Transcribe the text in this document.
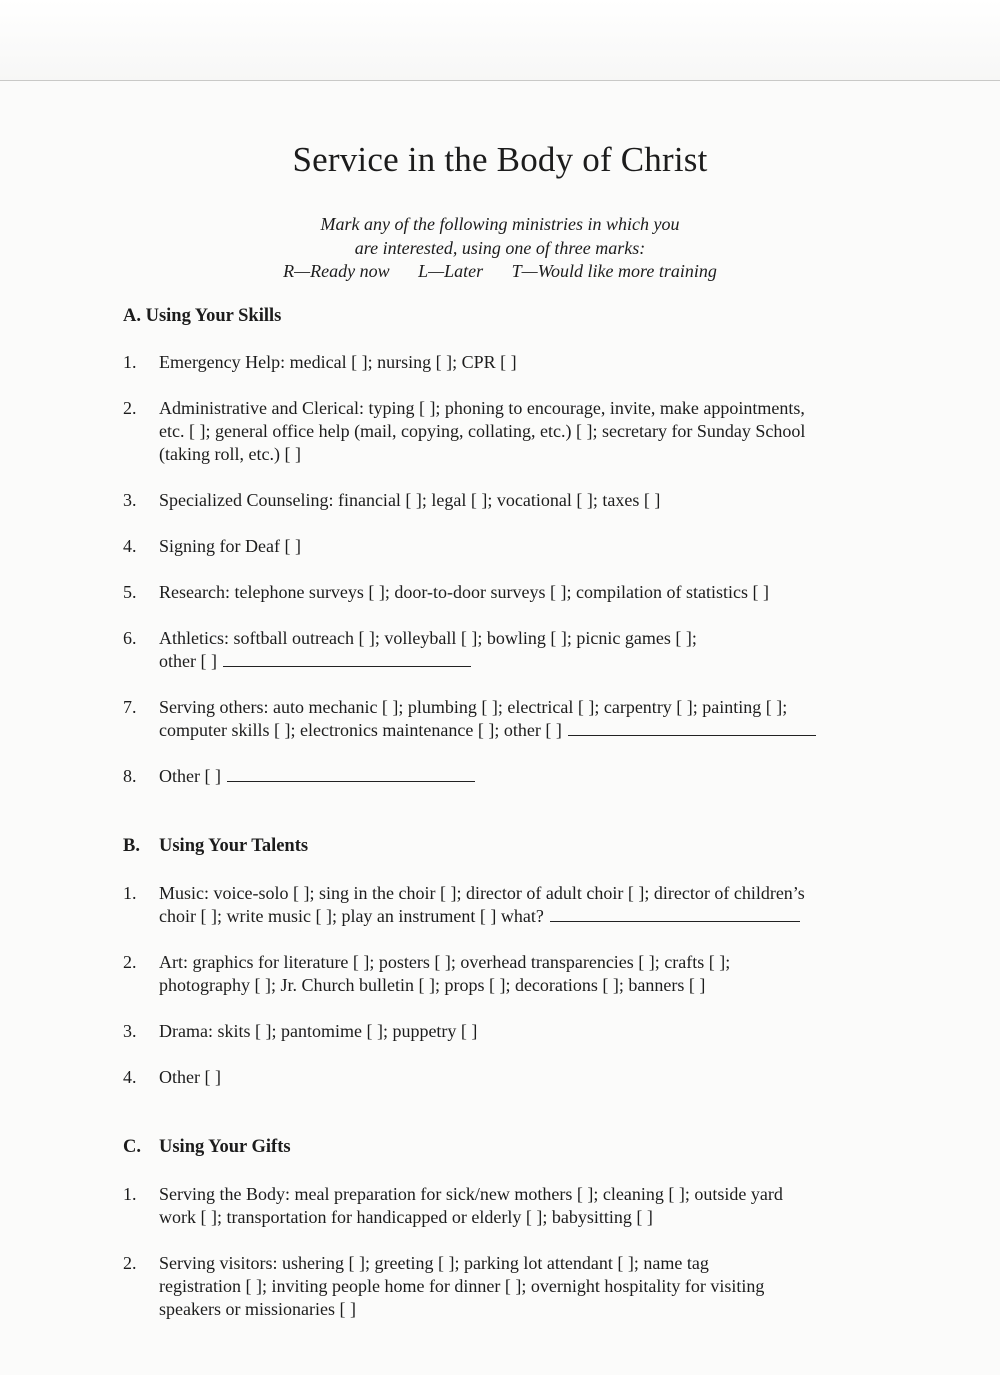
Service in the Body of Christ
Mark any of the following ministries in which you
are interested, using one of three marks:
R—Ready now L—Later T—Would like more training
A. Using Your Skills
1. Emergency Help: medical [ ]; nursing [ ]; CPR [ ]
2. Administrative and Clerical: typing [ ]; phoning to encourage, invite, make appointments,
etc. [ ]; general office help (mail, copying, collating, etc.) [ ]; secretary for Sunday School
(taking roll, etc.) [ ]
3. Specialized Counseling: financial [ ]; legal [ ]; vocational [ ]; taxes [ ]
4. Signing for Deaf [ ]
5. Research: telephone surveys [ ]; door-to-door surveys [ ]; compilation of statistics [ ]
6. Athletics: softball outreach [ ]; volleyball [ ]; bowling [ ]; picnic games [ ];
other [ ]
7. Serving others: auto mechanic [ ]; plumbing [ ]; electrical [ ]; carpentry [ ]; painting [ ];
computer skills [ ]; electronics maintenance [ ]; other [ ]
8. Other [ ]
B. Using Your Talents
1. Music: voice-solo [ ]; sing in the choir [ ]; director of adult choir [ ]; director of children’s
choir [ ]; write music [ ]; play an instrument [ ] what?
2. Art: graphics for literature [ ]; posters [ ]; overhead transparencies [ ]; crafts [ ];
photography [ ]; Jr. Church bulletin [ ]; props [ ]; decorations [ ]; banners [ ]
3. Drama: skits [ ]; pantomime [ ]; puppetry [ ]
4. Other [ ]
C. Using Your Gifts
1. Serving the Body: meal preparation for sick/new mothers [ ]; cleaning [ ]; outside yard
work [ ]; transportation for handicapped or elderly [ ]; babysitting [ ]
2. Serving visitors: ushering [ ]; greeting [ ]; parking lot attendant [ ]; name tag
registration [ ]; inviting people home for dinner [ ]; overnight hospitality for visiting
speakers or missionaries [ ]
